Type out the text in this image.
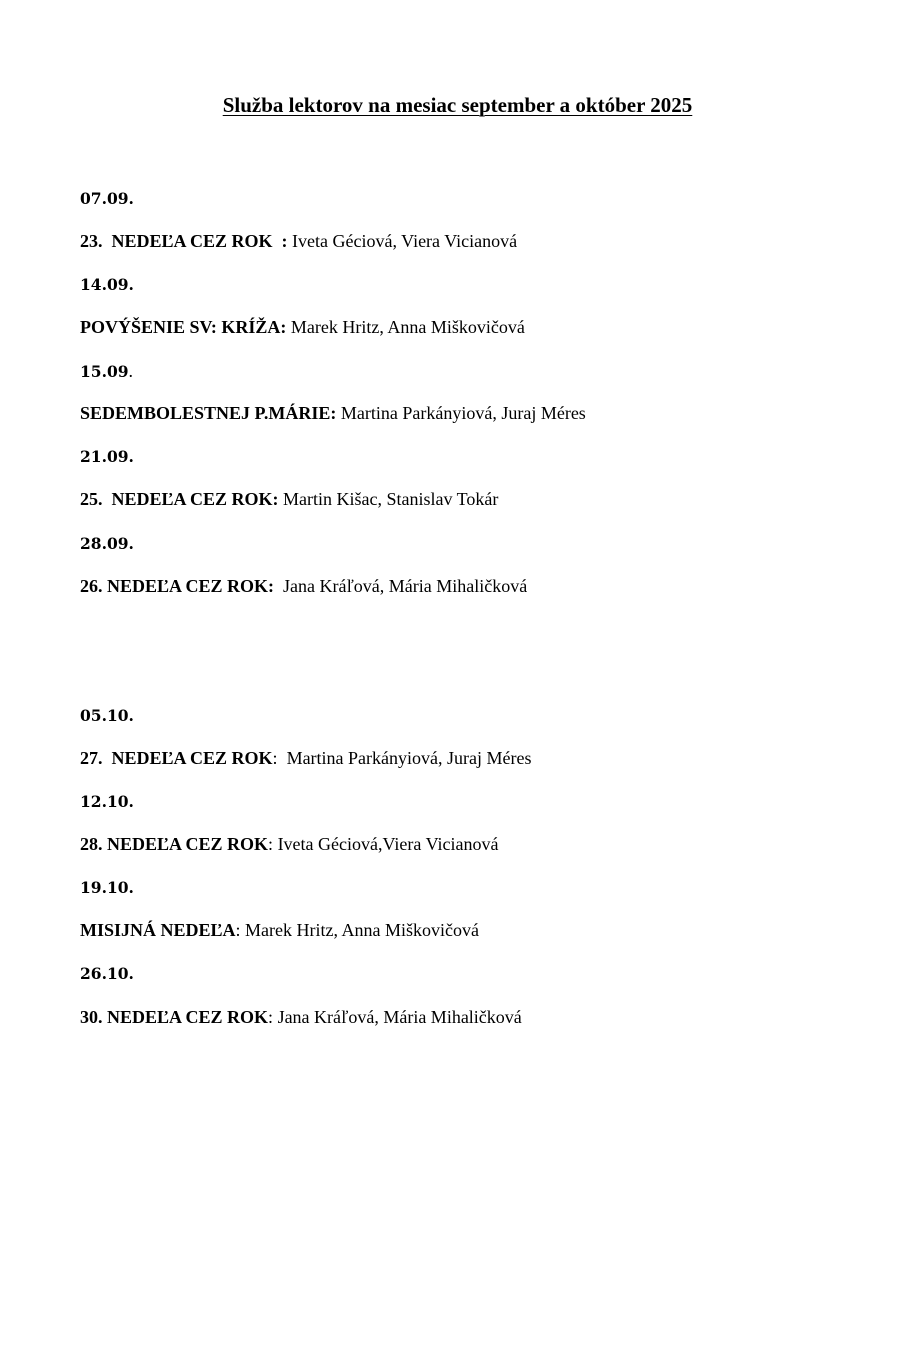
Služba lektorov na mesiac september a október 2025
07.09.
23.  NEDEĽA CEZ ROK  : Iveta Géciová, Viera Vicianová
14.09.
POVÝŠENIE SV: KRÍŽA: Marek Hritz, Anna Miškovičová
15.09.
SEDEMBOLESTNEJ P.MÁRIE: Martina Parkányiová, Juraj Méres
21.09.
25.  NEDEĽA CEZ ROK: Martin Kišac, Stanislav Tokár
28.09.
26. NEDEĽA CEZ ROK:  Jana Kráľová, Mária Mihaličková
05.10.
27.  NEDEĽA CEZ ROK:  Martina Parkányiová, Juraj Méres
12.10.
28. NEDEĽA CEZ ROK: Iveta Géciová,Viera Vicianová
19.10.
MISIJNÁ NEDEĽA: Marek Hritz, Anna Miškovičová
26.10.
30. NEDEĽA CEZ ROK: Jana Kráľová, Mária Mihaličková
